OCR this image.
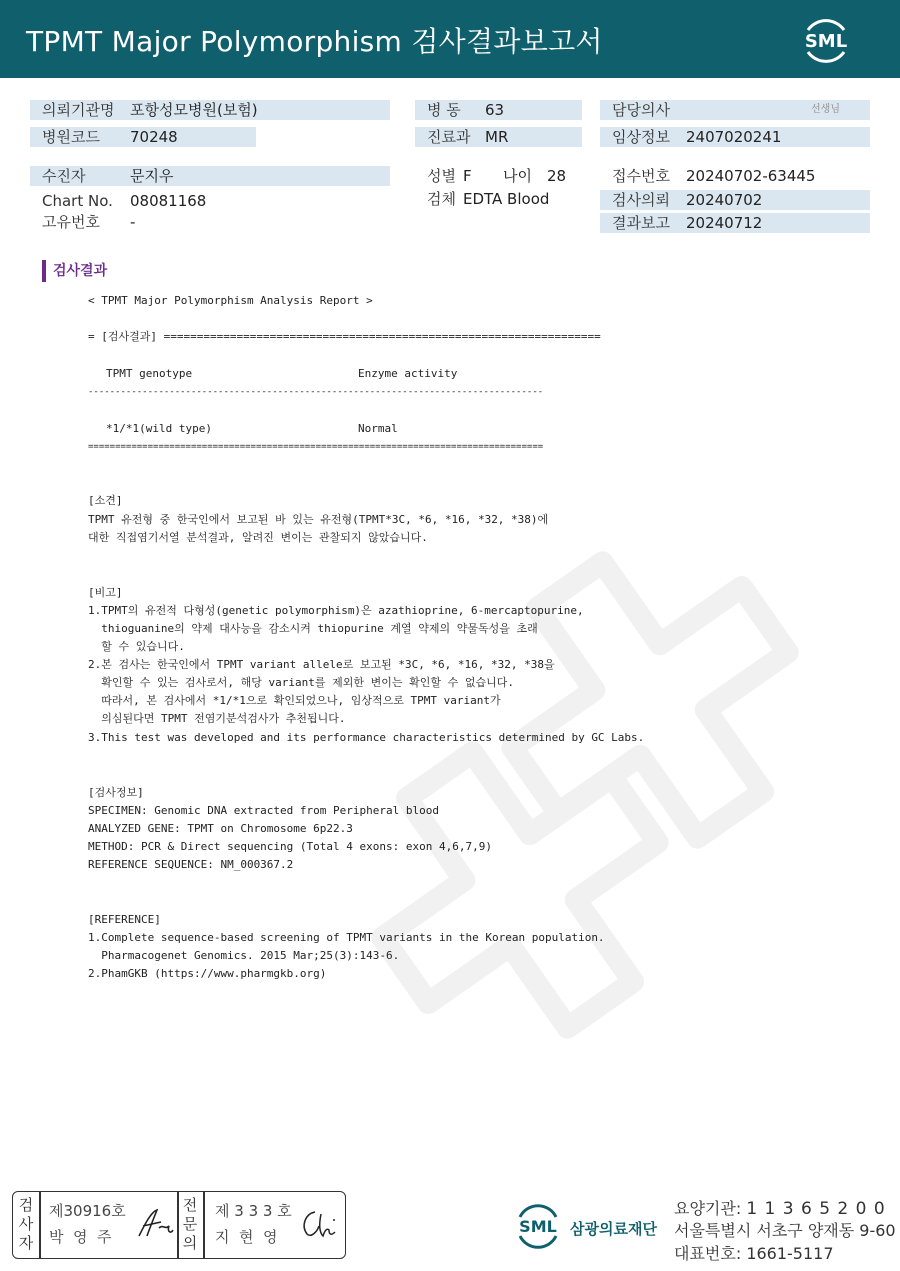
TPMT Major Polymorphism 검사결과보고서	SML
의뢰기관명 포항성모병원(보험)
병원코드 70248
병 동 63
진료과 MR
담당의사	선생님
임상정보 2407020241
수진자	문지우
Chart No. 08081168
고유번호 -
성별 F 나이 28
검체 EDTA Blood
접수번호 20240702-63445
검사의뢰 20240702
결과보고 20240712
검사결과
< TPMT Major Polymorphism Analysis Report >
= [검사결과] ==================================================================
TPMT genotype	Enzyme activity
------------------------------------------------------------------------------------
*1/*1(wild type)	Normal
====================================================================================
[소견]
TPMT 유전형 중 한국인에서 보고된 바 있는 유전형(TPMT*3C, *6, *16, *32, *38)에
대한 직접염기서열 분석결과, 알려진 변이는 관찰되지 않았습니다.
[비고]
1.TPMT의 유전적 다형성(genetic polymorphism)은 azathioprine, 6-mercaptopurine,
thioguanine의 약제 대사능을 감소시켜 thiopurine 계열 약제의 약물독성을 초래
할 수 있습니다.
2.본 검사는 한국인에서 TPMT variant allele로 보고된 *3C, *6, *16, *32, *38을
확인할 수 있는 검사로서, 해당 variant를 제외한 변이는 확인할 수 없습니다.
따라서, 본 검사에서 *1/*1으로 확인되었으나, 임상적으로 TPMT variant가
의심된다면 TPMT 전염기분석검사가 추천됩니다.
3.This test was developed and its performance characteristics determined by GC Labs.
[검사정보]
SPECIMEN: Genomic DNA extracted from Peripheral blood
ANALYZED GENE: TPMT on Chromosome 6p22.3
METHOD: PCR & Direct sequencing (Total 4 exons: exon 4,6,7,9)
REFERENCE SEQUENCE: NM_000367.2
[REFERENCE]
1.Complete sequence-based screening of TPMT variants in the Korean population.
Pharmacogenet Genomics. 2015 Mar;25(3):143-6.
2.PhamGKB (https://www.pharmgkb.org)
검
사
자
제30916호
박  영  주
전
문
의
제 3 3 3 호
지  현  영
SML 삼광의료재단
요양기관: 1 1 3 6 5 2 0 0
서울특별시 서초구 양재동 9-60
대표번호: 1661-5117
